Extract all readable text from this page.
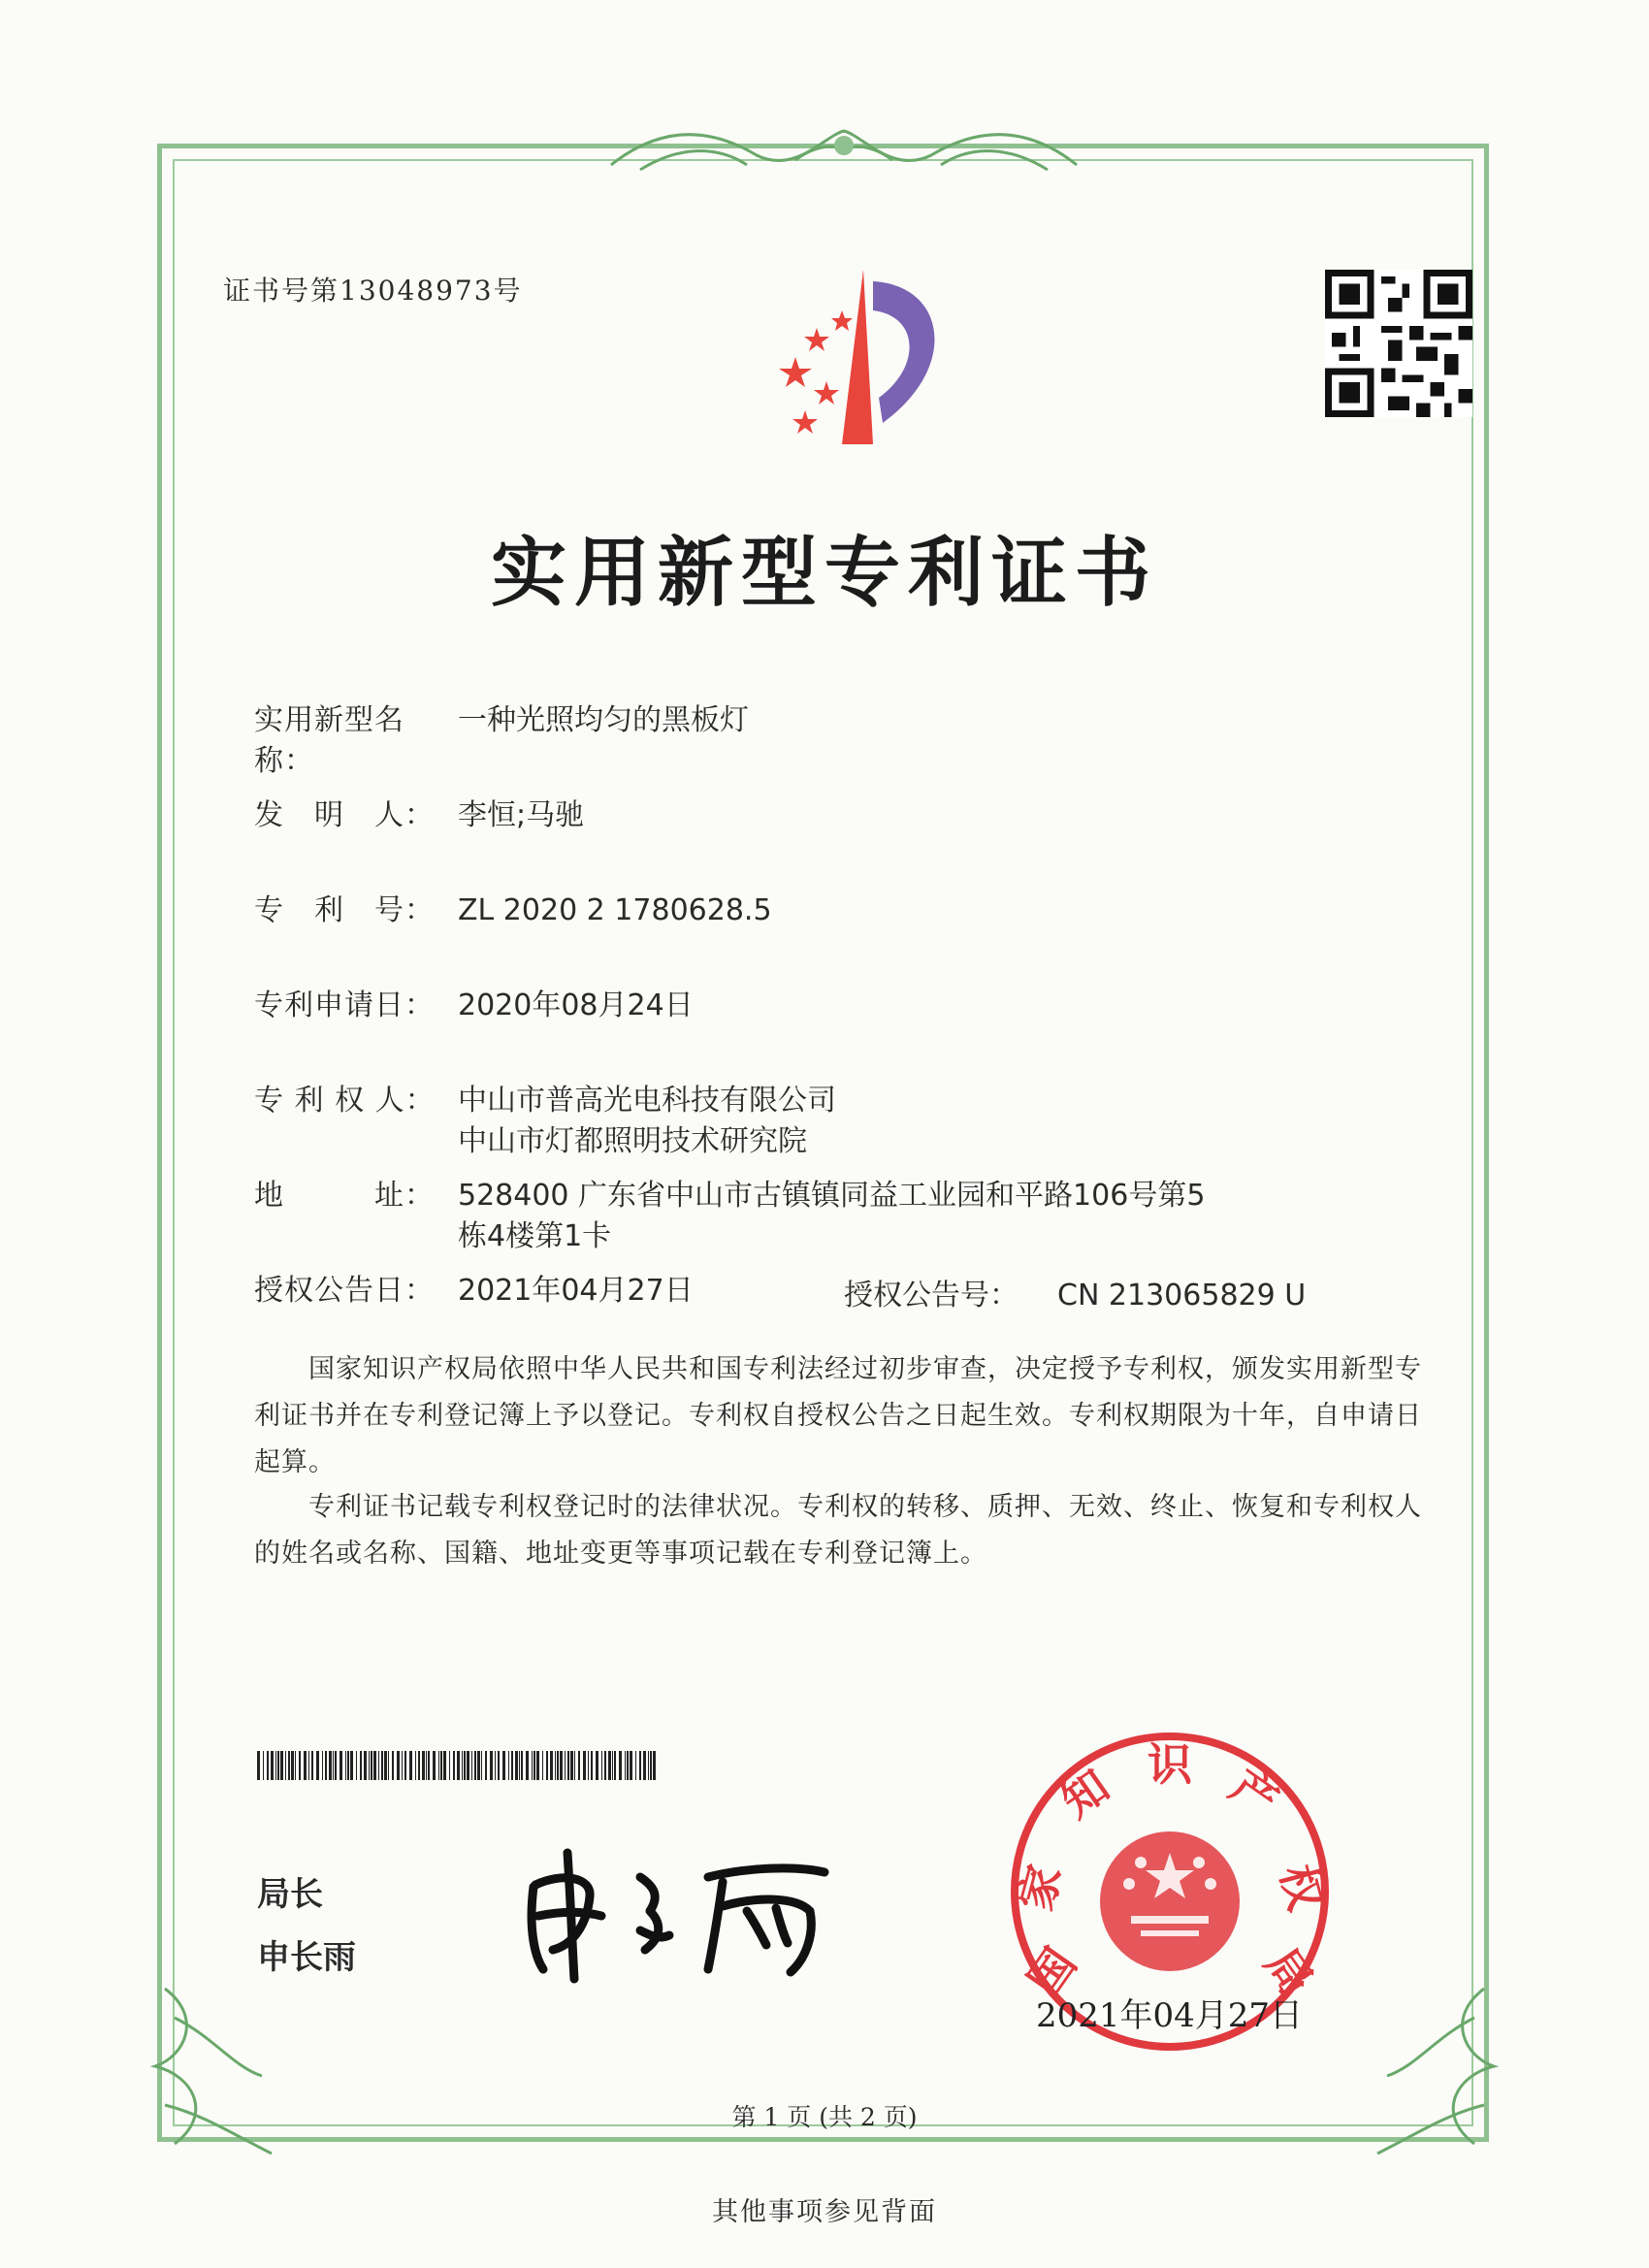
证书号第13048973号
实用新型专利证书
实用新型名称：
一种光照均匀的黑板灯
发　明　人： 李恒;马驰
专　利　号： ZL 2020 2 1780628.5
专利申请日： 2020年08月24日
专 利 权 人： 中山市普高光电科技有限公司
中山市灯都照明技术研究院
地　　　址： 528400 广东省中山市古镇镇同益工业园和平路106号第5
栋4楼第1卡
授权公告日： 2021年04月27日	授权公告号： CN 213065829 U
国家知识产权局依照中华人民共和国专利法经过初步审查，决定授予专利权，颁发实用新型专利证书并在专利登记簿上予以登记。专利权自授权公告之日起生效。专利权期限为十年，自申请日起算。
专利证书记载专利权登记时的法律状况。专利权的转移、质押、无效、终止、恢复和专利权人的姓名或名称、国籍、地址变更等事项记载在专利登记簿上。
局长
申长雨	国
家
知 识 产
权
局
2021年04月27日
第 1 页 (共 2 页)
其他事项参见背面
